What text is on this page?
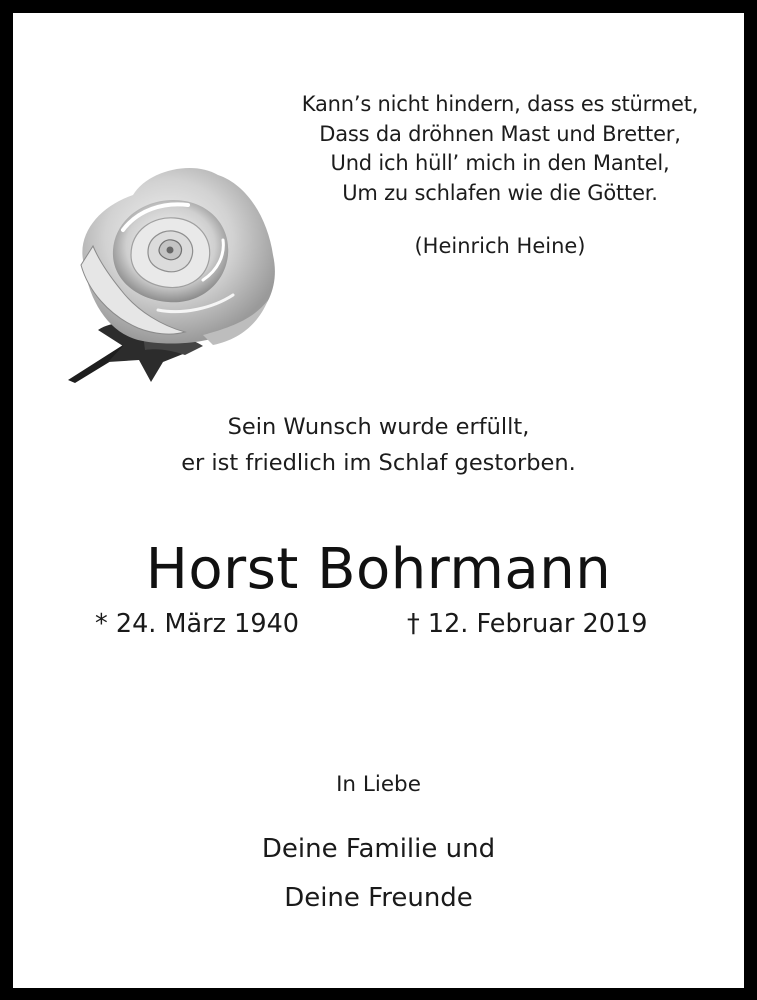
Kann’s nicht hindern, dass es stürmet,
Dass da dröhnen Mast und Bretter,
Und ich hüll’ mich in den Mantel,
Um zu schlafen wie die Götter.
(Heinrich Heine)
Sein Wunsch wurde erfüllt,
er ist friedlich im Schlaf gestorben.
Horst Bohrmann
* 24. März 1940	† 12. Februar 2019
In Liebe
Deine Familie und
Deine Freunde
